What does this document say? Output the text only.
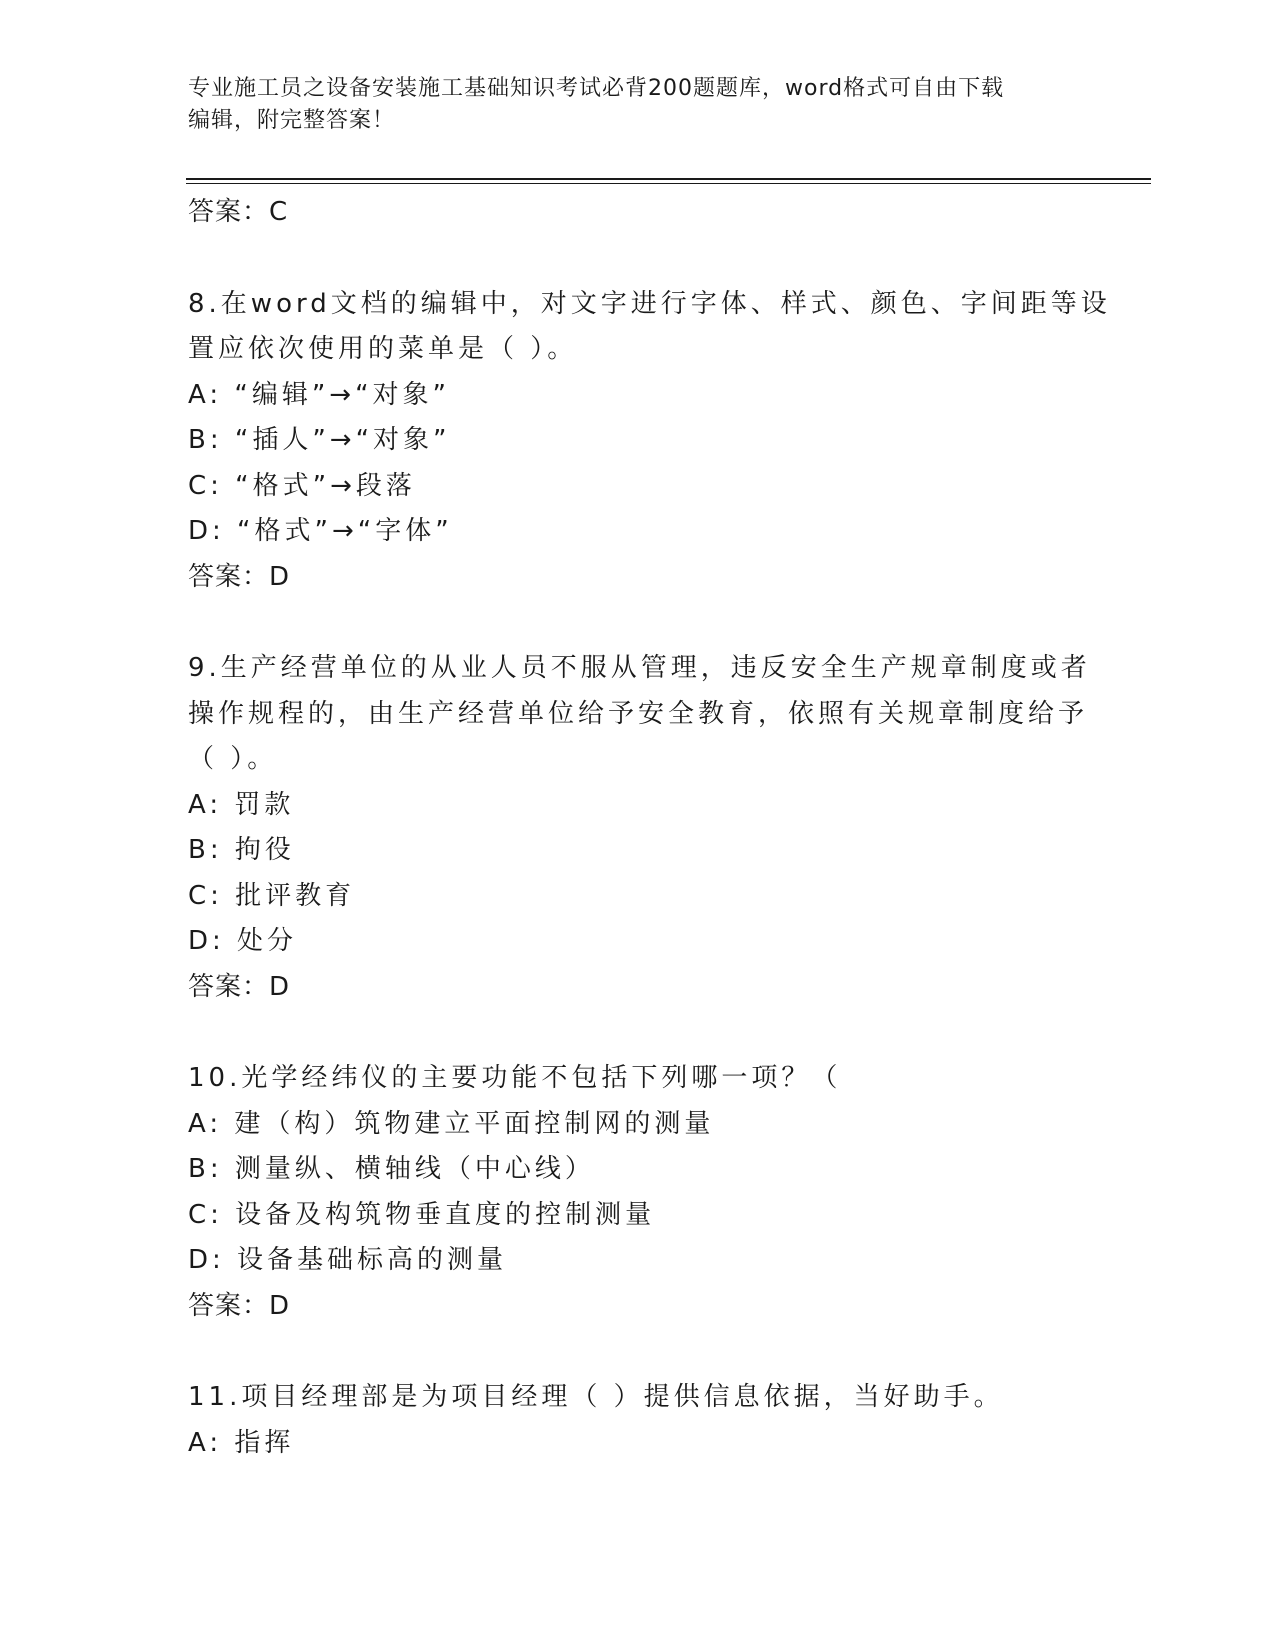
专业施工员之设备安装施工基础知识考试必背200题题库，word格式可自由下载
编辑，附完整答案！
答案：C
8.在word文档的编辑中，对文字进行字体、样式、颜色、字间距等设
置应依次使用的菜单是（ ）。
A: “编辑”→“对象”
B: “插人”→“对象”
C: “格式”→段落
D: “格式”→“字体”
答案：D
9.生产经营单位的从业人员不服从管理，违反安全生产规章制度或者
操作规程的，由生产经营单位给予安全教育，依照有关规章制度给予
（ ）。
A: 罚款
B: 拘役
C: 批评教育
D: 处分
答案：D
10.光学经纬仪的主要功能不包括下列哪一项？（
A: 建（构）筑物建立平面控制网的测量
B: 测量纵、横轴线（中心线）
C: 设备及构筑物垂直度的控制测量
D: 设备基础标高的测量
答案：D
11.项目经理部是为项目经理（ ）提供信息依据，当好助手。
A: 指挥
